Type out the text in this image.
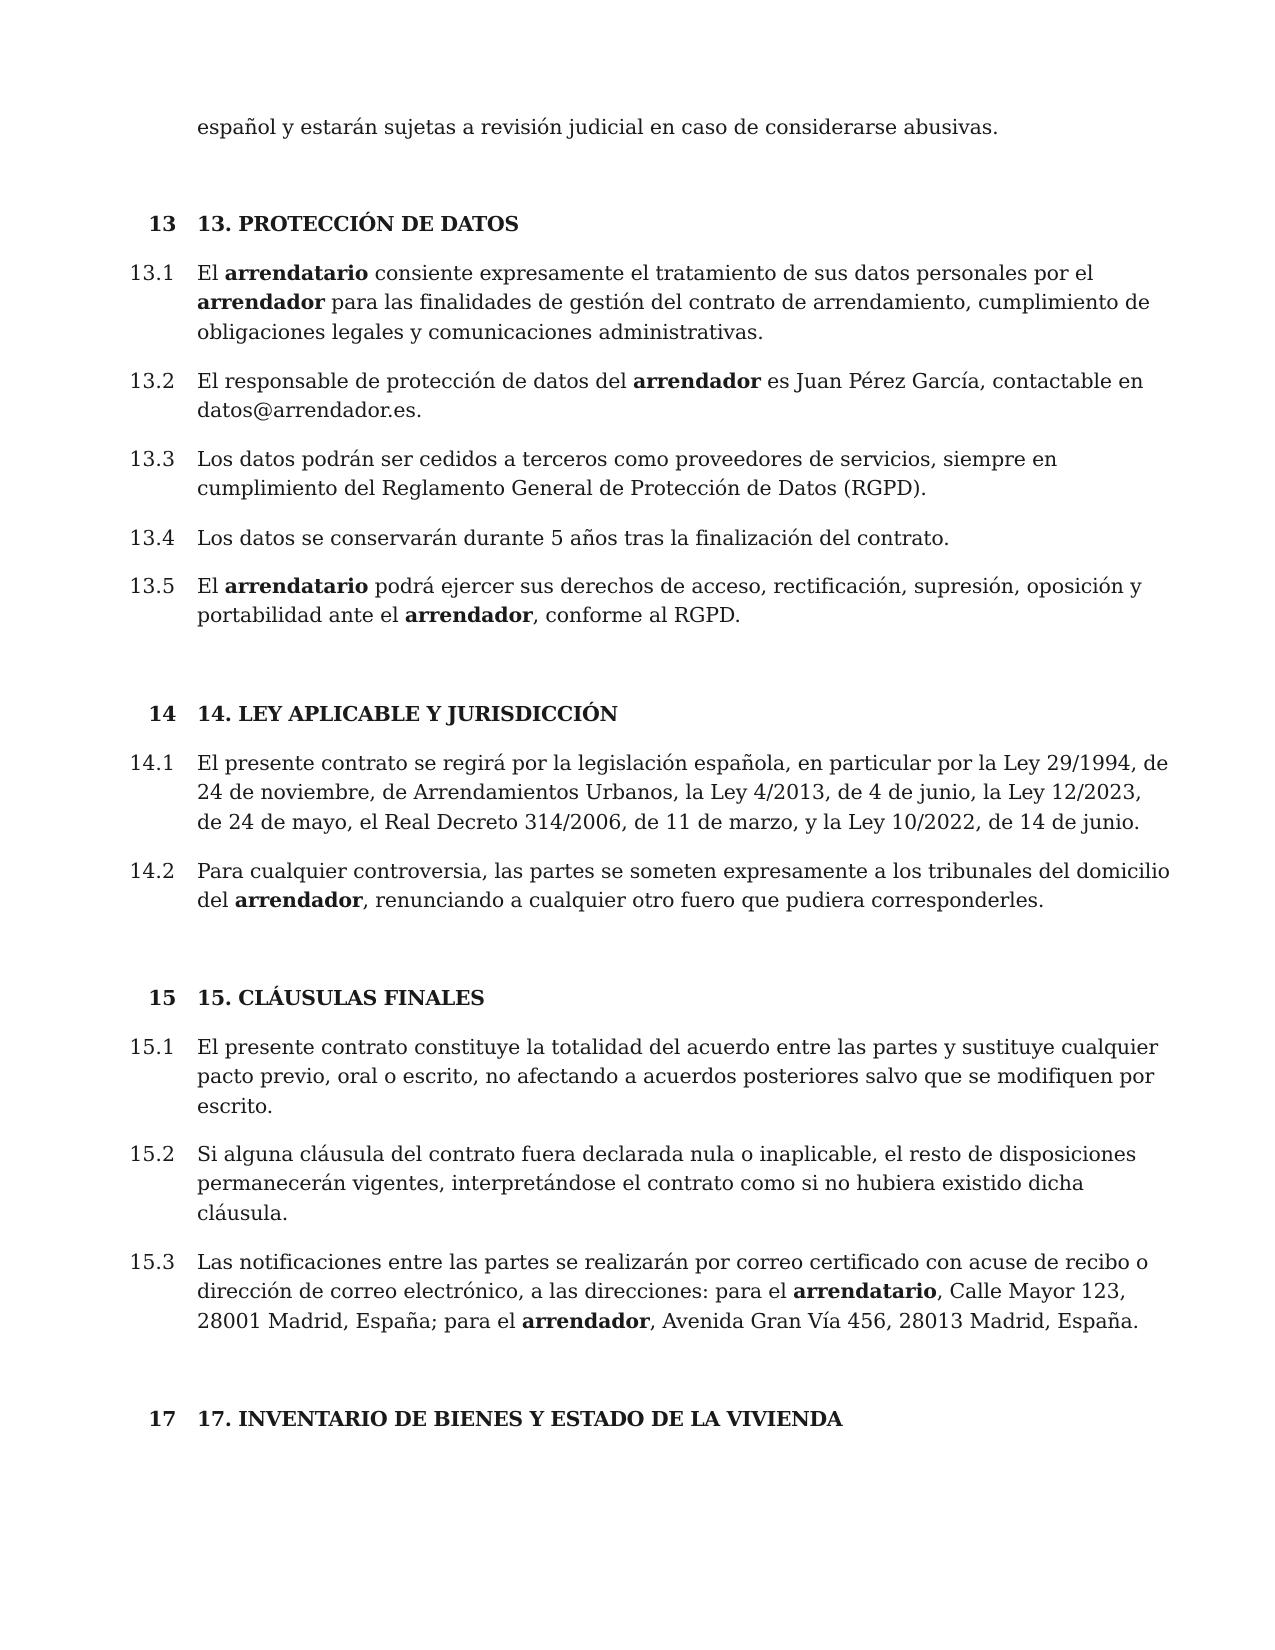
español y estarán sujetas a revisión judicial en caso de considerarse abusivas.
13 13. PROTECCIÓN DE DATOS
13.1 El arrendatario consiente expresamente el tratamiento de sus datos personales por el
arrendador para las finalidades de gestión del contrato de arrendamiento, cumplimiento de
obligaciones legales y comunicaciones administrativas.
13.2 El responsable de protección de datos del arrendador es Juan Pérez García, contactable en
datos@arrendador.es.
13.3 Los datos podrán ser cedidos a terceros como proveedores de servicios, siempre en
cumplimiento del Reglamento General de Protección de Datos (RGPD).
13.4 Los datos se conservarán durante 5 años tras la finalización del contrato.
13.5 El arrendatario podrá ejercer sus derechos de acceso, rectificación, supresión, oposición y
portabilidad ante el arrendador, conforme al RGPD.
14 14. LEY APLICABLE Y JURISDICCIÓN
14.1 El presente contrato se regirá por la legislación española, en particular por la Ley 29/1994, de
24 de noviembre, de Arrendamientos Urbanos, la Ley 4/2013, de 4 de junio, la Ley 12/2023,
de 24 de mayo, el Real Decreto 314/2006, de 11 de marzo, y la Ley 10/2022, de 14 de junio.
14.2 Para cualquier controversia, las partes se someten expresamente a los tribunales del domicilio
del arrendador, renunciando a cualquier otro fuero que pudiera corresponderles.
15 15. CLÁUSULAS FINALES
15.1 El presente contrato constituye la totalidad del acuerdo entre las partes y sustituye cualquier
pacto previo, oral o escrito, no afectando a acuerdos posteriores salvo que se modifiquen por
escrito.
15.2 Si alguna cláusula del contrato fuera declarada nula o inaplicable, el resto de disposiciones
permanecerán vigentes, interpretándose el contrato como si no hubiera existido dicha
cláusula.
15.3 Las notificaciones entre las partes se realizarán por correo certificado con acuse de recibo o
dirección de correo electrónico, a las direcciones: para el arrendatario, Calle Mayor 123,
28001 Madrid, España; para el arrendador, Avenida Gran Vía 456, 28013 Madrid, España.
17 17. INVENTARIO DE BIENES Y ESTADO DE LA VIVIENDA
